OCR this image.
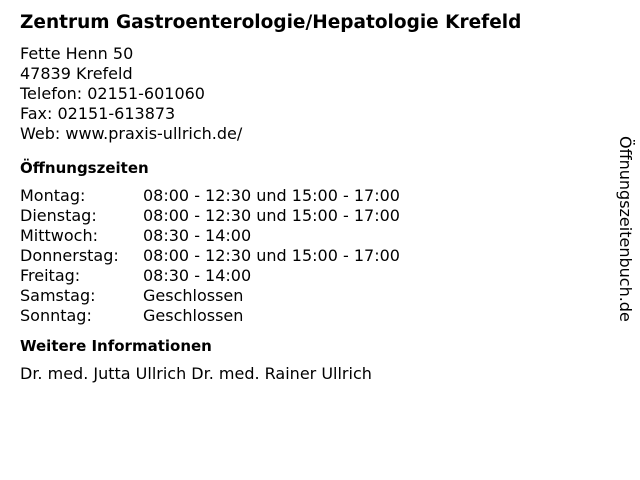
Zentrum Gastroenterologie/Hepatologie Krefeld
Fette Henn 50
47839 Krefeld
Telefon: 02151-601060
Fax: 02151-613873
Web: www.praxis-ullrich.de/
Öffnungszeiten
Montag:	08:00 - 12:30 und 15:00 - 17:00
Dienstag:	08:00 - 12:30 und 15:00 - 17:00
Mittwoch:	08:30 - 14:00
Donnerstag:	08:00 - 12:30 und 15:00 - 17:00
Freitag:	08:30 - 14:00
Samstag:	Geschlossen
Sonntag:	Geschlossen
Weitere Informationen
Dr. med. Jutta Ullrich Dr. med. Rainer Ullrich
Öffnungszeitenbuch.de
